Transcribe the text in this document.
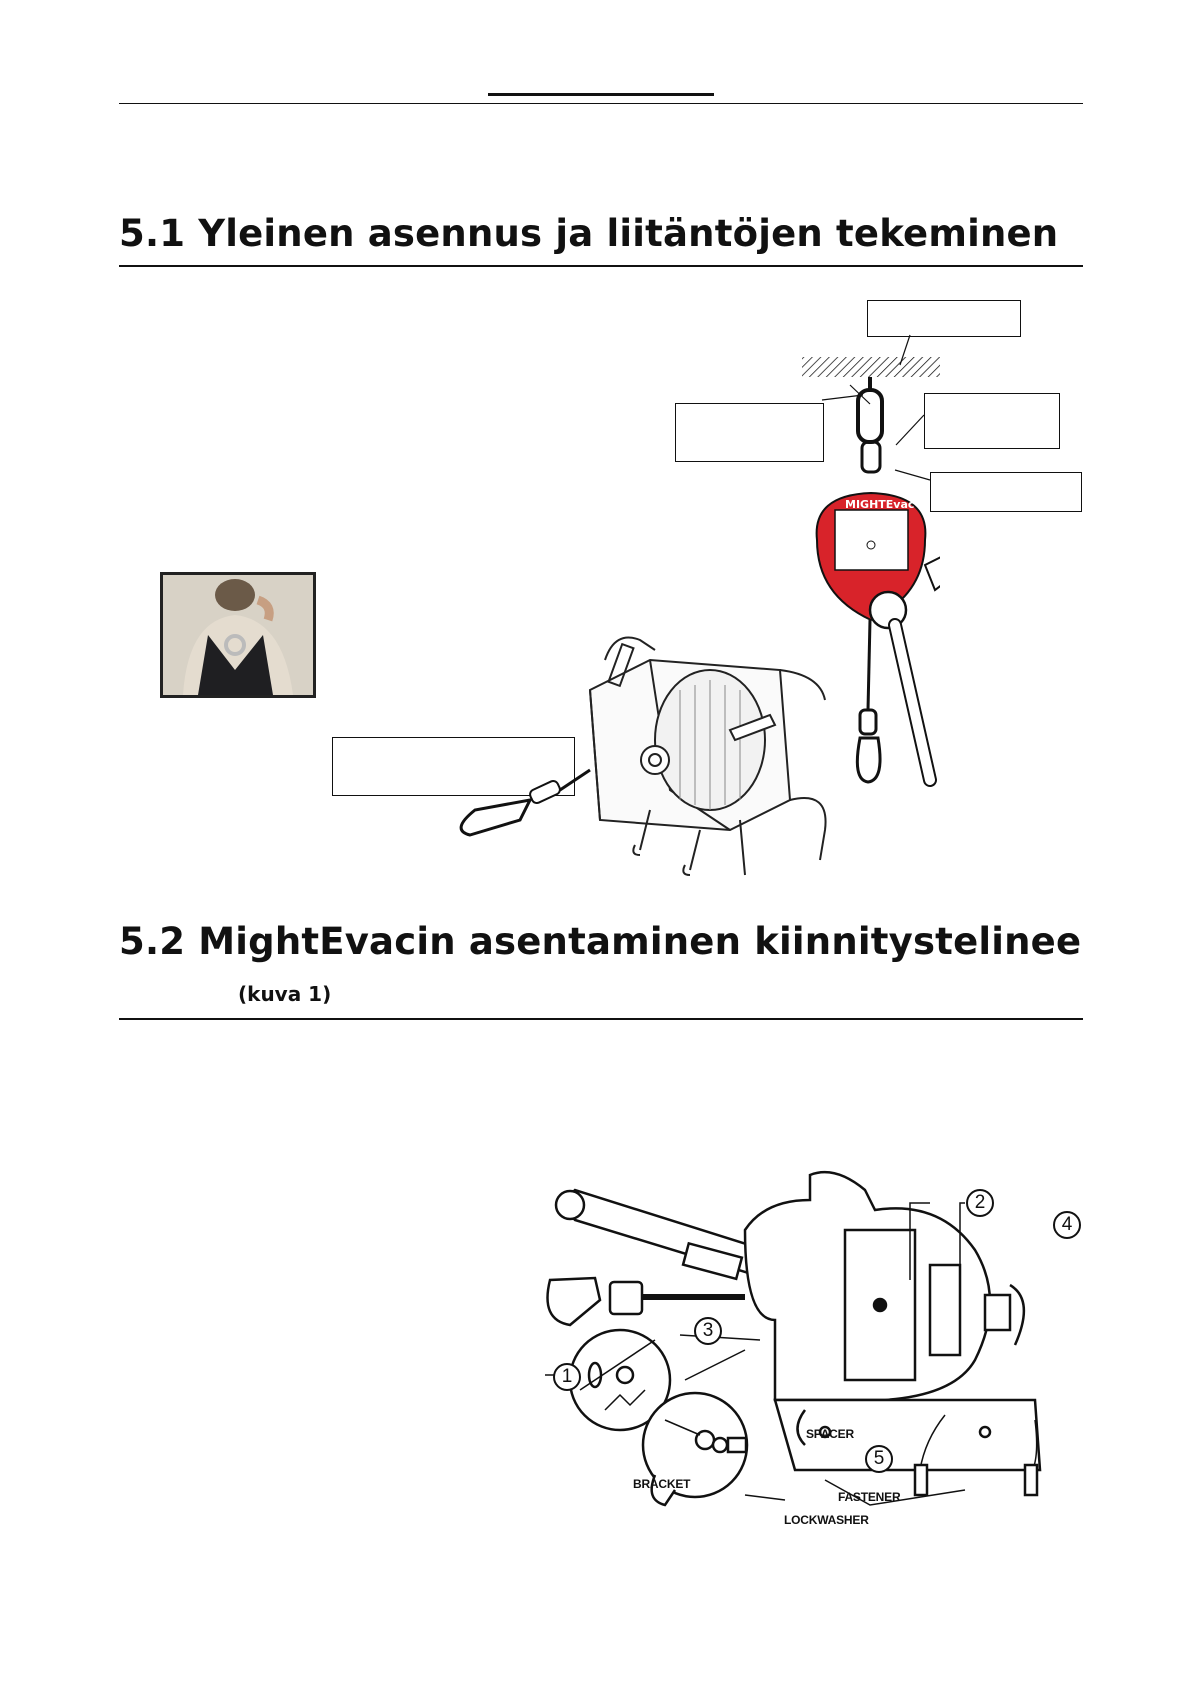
5.1 Yleinen asennus ja liitäntöjen tekeminen
MIGHTEvac
5.2 MightEvacin asentaminen kiinnitystelinee
(kuva 1)
1
2
3
4
5
SPACER
BRACKET
FASTENER
LOCKWASHER
